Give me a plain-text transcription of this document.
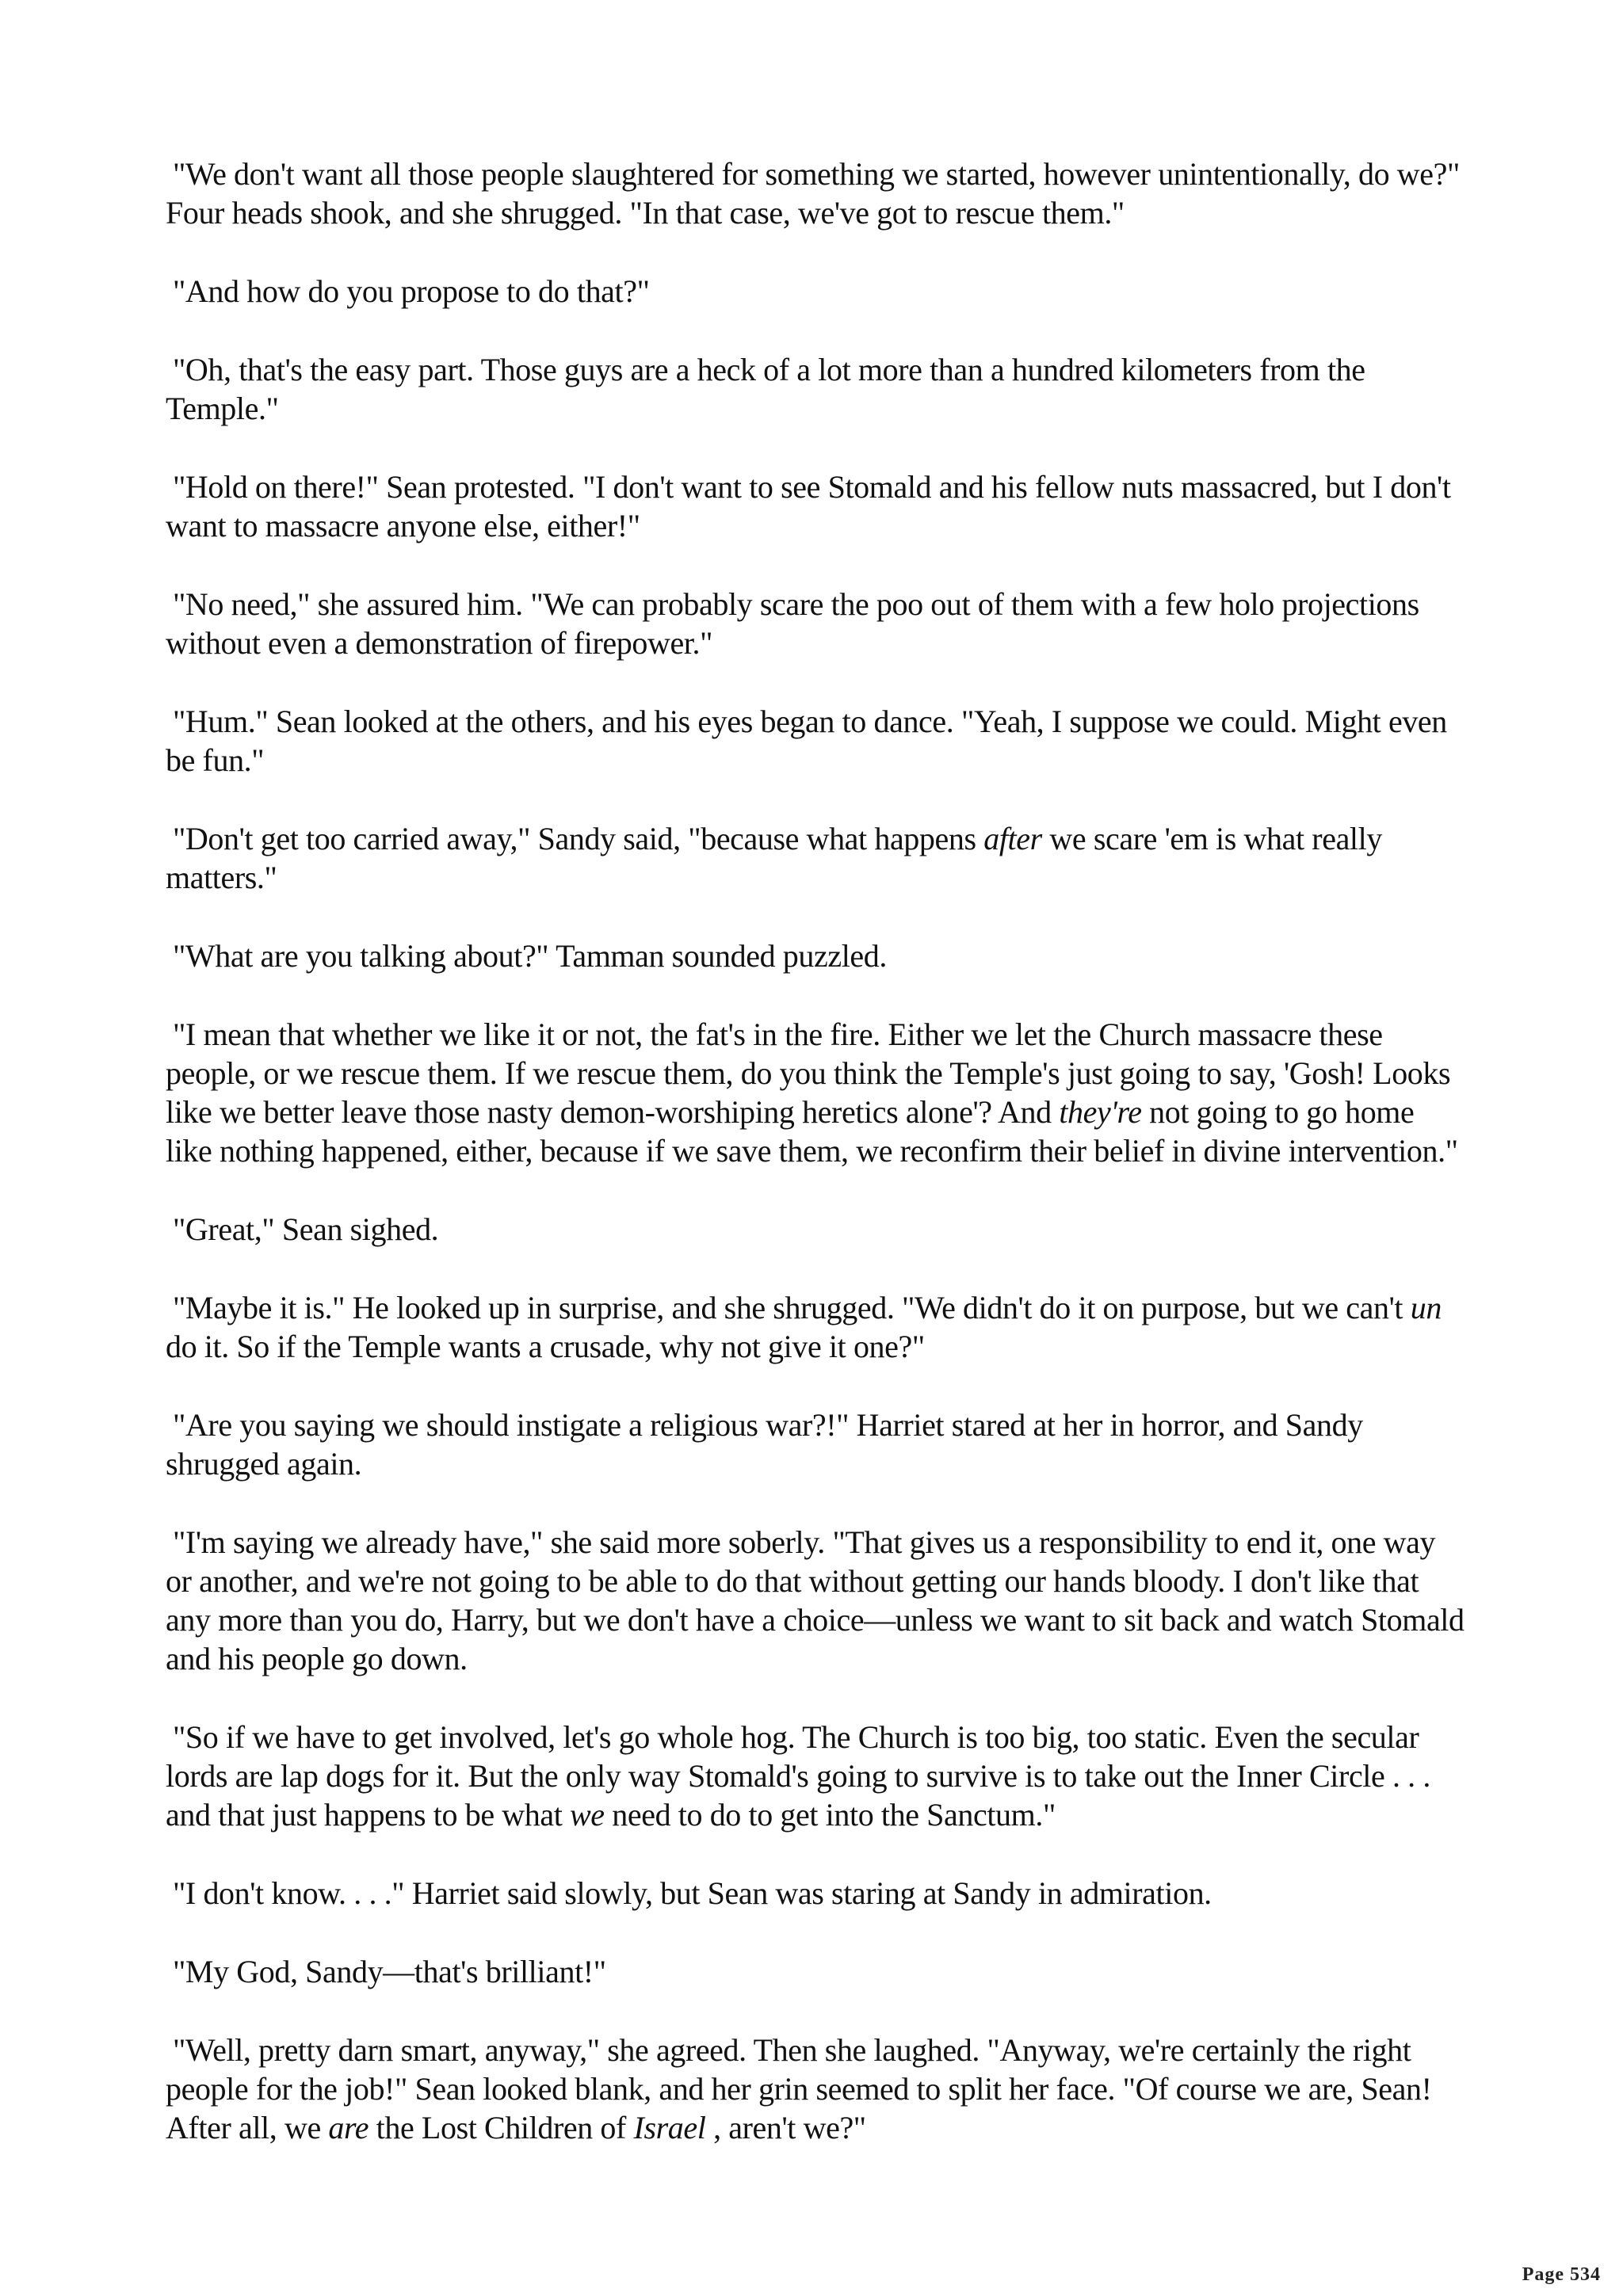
"We don't want all those people slaughtered for something we started, however unintentionally, do we?" Four heads shook, and she shrugged. "In that case, we've got to rescue them."

"And how do you propose to do that?"

"Oh, that's the easy part. Those guys are a heck of a lot more than a hundred kilometers from the Temple."

"Hold on there!" Sean protested. "I don't want to see Stomald and his fellow nuts massacred, but I don't want to massacre anyone else, either!"

"No need," she assured him. "We can probably scare the poo out of them with a few holo projections without even a demonstration of firepower."

"Hum." Sean looked at the others, and his eyes began to dance. "Yeah, I suppose we could. Might even be fun."

"Don't get too carried away," Sandy said, "because what happens after we scare 'em is what really matters."

"What are you talking about?" Tamman sounded puzzled.

"I mean that whether we like it or not, the fat's in the fire. Either we let the Church massacre these people, or we rescue them. If we rescue them, do you think the Temple's just going to say, 'Gosh! Looks like we better leave those nasty demon-worshiping heretics alone'? And they're not going to go home like nothing happened, either, because if we save them, we reconfirm their belief in divine intervention."

"Great," Sean sighed.

"Maybe it is." He looked up in surprise, and she shrugged. "We didn't do it on purpose, but we can't un do it. So if the Temple wants a crusade, why not give it one?"

"Are you saying we should instigate a religious war?!" Harriet stared at her in horror, and Sandy shrugged again.

"I'm saying we already have," she said more soberly. "That gives us a responsibility to end it, one way or another, and we're not going to be able to do that without getting our hands bloody. I don't like that any more than you do, Harry, but we don't have a choice—unless we want to sit back and watch Stomald and his people go down.

"So if we have to get involved, let's go whole hog. The Church is too big, too static. Even the secular lords are lap dogs for it. But the only way Stomald's going to survive is to take out the Inner Circle . . . and that just happens to be what we need to do to get into the Sanctum."

"I don't know. . . ." Harriet said slowly, but Sean was staring at Sandy in admiration.

"My God, Sandy—that's brilliant!"

"Well, pretty darn smart, anyway," she agreed. Then she laughed. "Anyway, we're certainly the right people for the job!" Sean looked blank, and her grin seemed to split her face. "Of course we are, Sean! After all, we are the Lost Children of Israel , aren't we?"

Page 534
